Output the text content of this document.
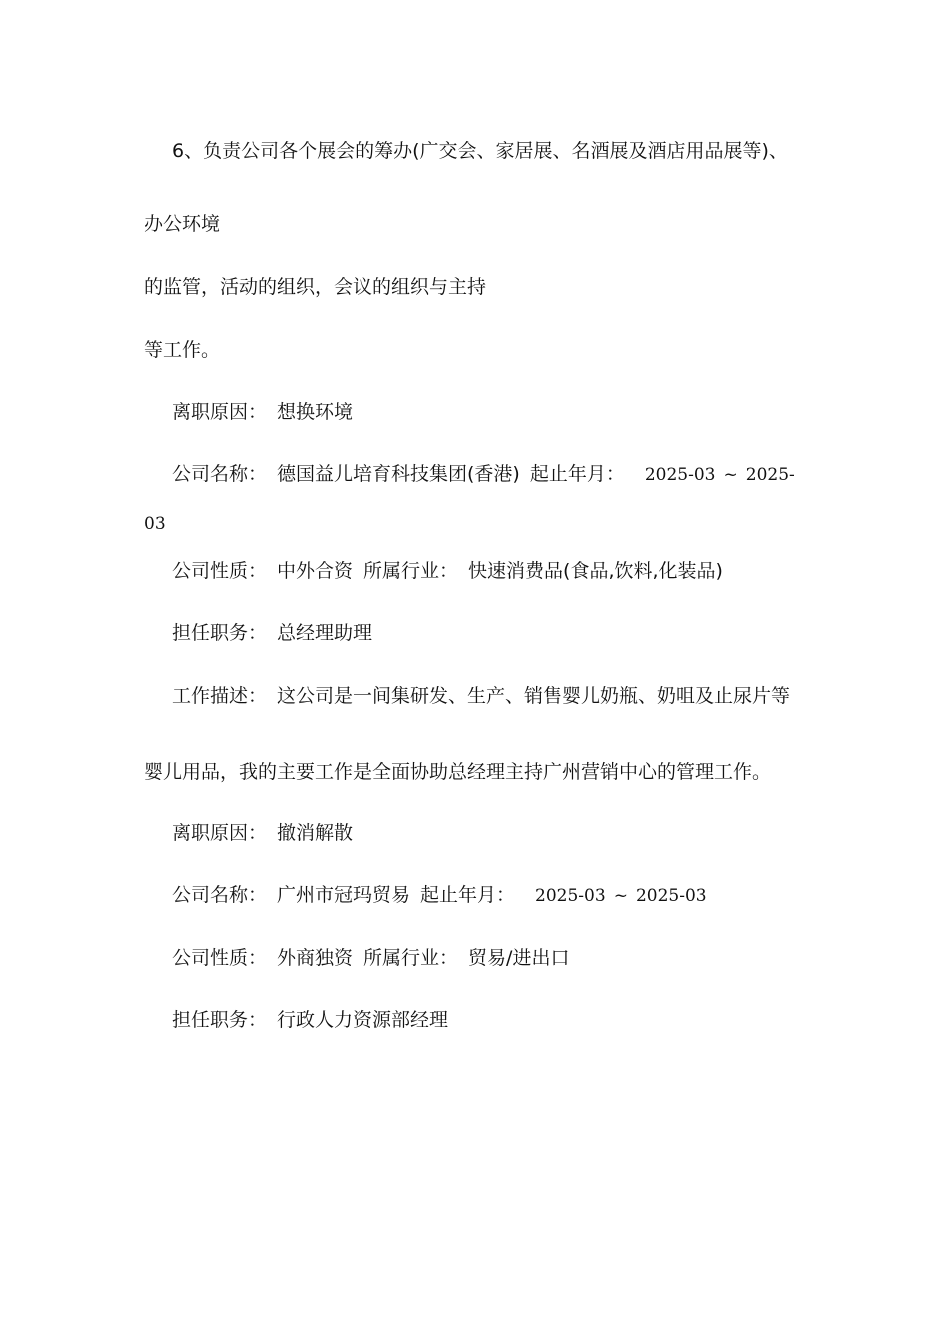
6、负责公司各个展会的筹办(广交会、家居展、名酒展及酒店用品展等)、
办公环境
的监管，活动的组织，会议的组织与主持
等工作。
离职原因： 想换环境
公司名称： 德国益儿培育科技集团(香港) 起止年月： 2025-03 ~ 2025-
03
公司性质： 中外合资 所属行业： 快速消费品(食品,饮料,化装品)
担任职务： 总经理助理
工作描述： 这公司是一间集研发、生产、销售婴儿奶瓶、奶咀及止尿片等
婴儿用品，我的主要工作是全面协助总经理主持广州营销中心的管理工作。
离职原因： 撤消解散
公司名称： 广州市冠玛贸易 起止年月： 2025-03 ~ 2025-03
公司性质： 外商独资 所属行业： 贸易/进出口
担任职务： 行政人力资源部经理
